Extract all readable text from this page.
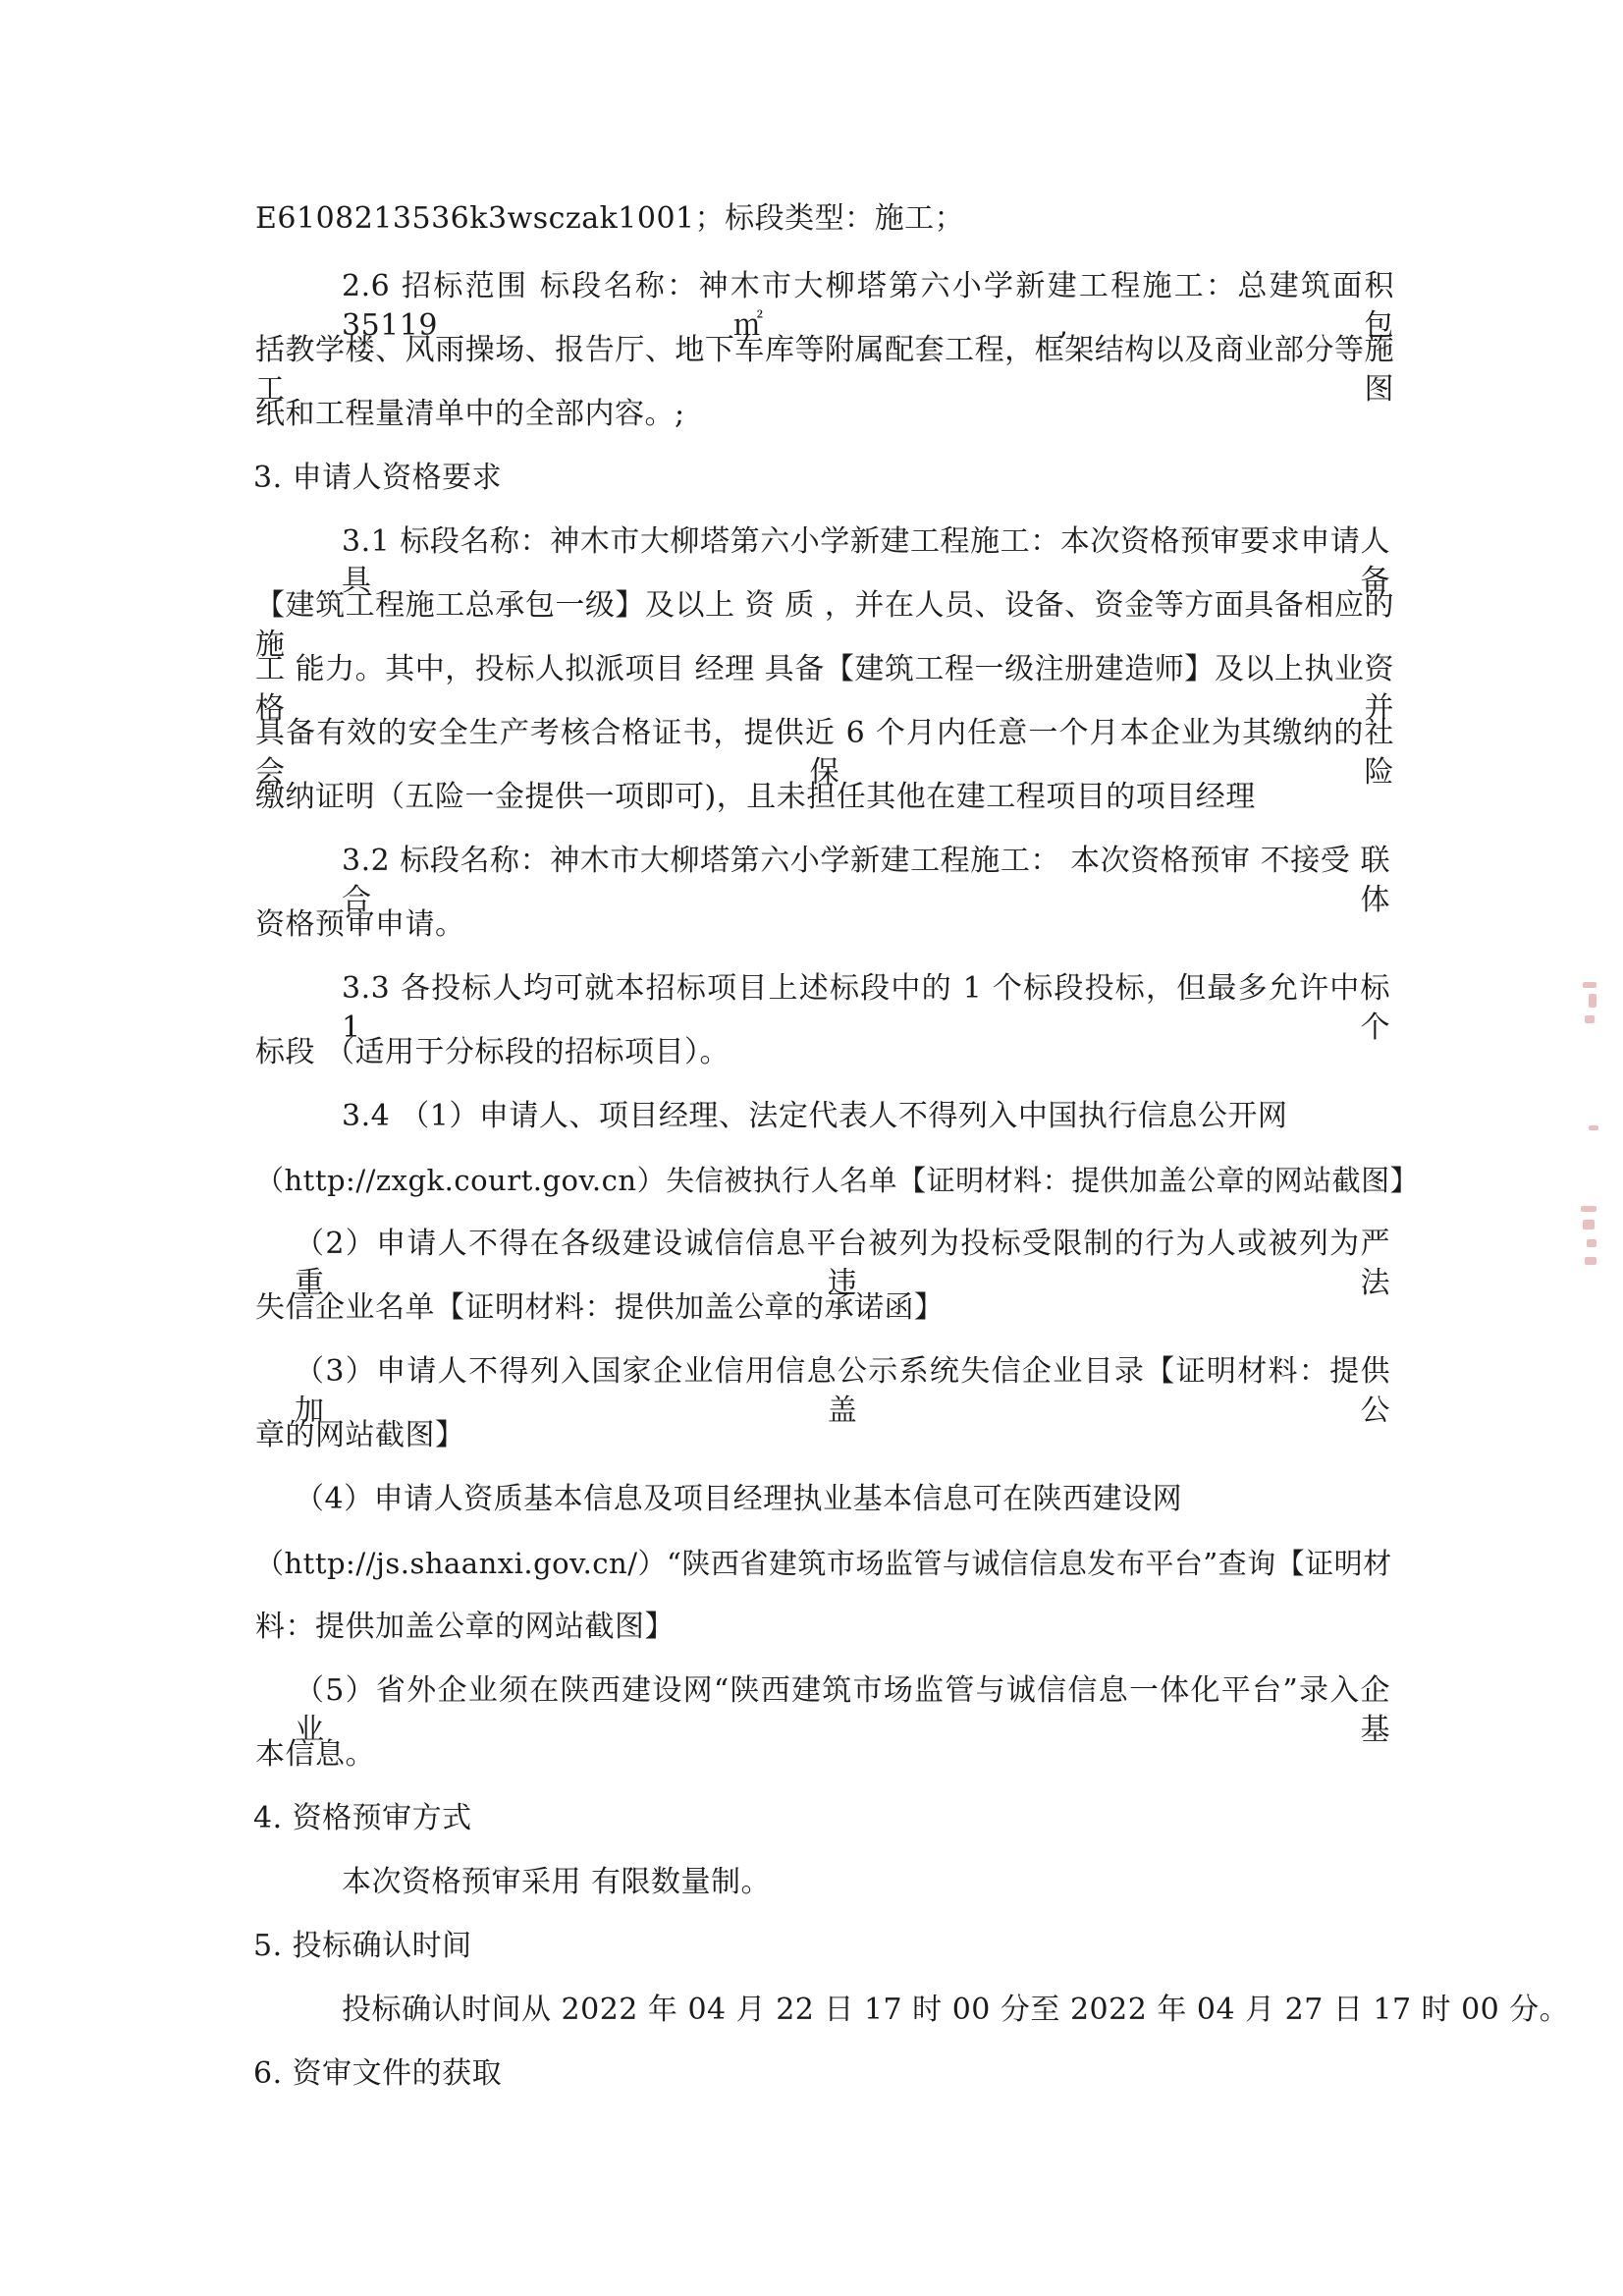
E6108213536k3wsczak1001；标段类型：施工；
2.6 招标范围 标段名称：神木市大柳塔第六小学新建工程施工：总建筑面积 35119㎡,包
括教学楼、风雨操场、报告厅、地下车库等附属配套工程，框架结构以及商业部分等施工图
纸和工程量清单中的全部内容。;
3. 申请人资格要求
3.1 标段名称：神木市大柳塔第六小学新建工程施工：本次资格预审要求申请人具备
【建筑工程施工总承包一级】及以上 资 质 ，并在人员、设备、资金等方面具备相应的 施
工 能力。其中，投标人拟派项目 经理 具备【建筑工程一级注册建造师】及以上执业资格并
具备有效的安全生产考核合格证书，提供近 6 个月内任意一个月本企业为其缴纳的社会保险
缴纳证明（五险一金提供一项即可)，且未担任其他在建工程项目的项目经理
3.2 标段名称：神木市大柳塔第六小学新建工程施工： 本次资格预审 不接受 联合体
资格预审申请。
3.3 各投标人均可就本招标项目上述标段中的 1 个标段投标，但最多允许中标 1 个
标段 （适用于分标段的招标项目）。
3.4 （1）申请人、项目经理、法定代表人不得列入中国执行信息公开网
（http://zxgk.court.gov.cn）失信被执行人名单【证明材料：提供加盖公章的网站截图】
（2）申请人不得在各级建设诚信信息平台被列为投标受限制的行为人或被列为严重违法
失信企业名单【证明材料：提供加盖公章的承诺函】
（3）申请人不得列入国家企业信用信息公示系统失信企业目录【证明材料：提供加盖公
章的网站截图】
（4）申请人资质基本信息及项目经理执业基本信息可在陕西建设网
（http://js.shaanxi.gov.cn/）“陕西省建筑市场监管与诚信信息发布平台”查询【证明材
料：提供加盖公章的网站截图】
（5）省外企业须在陕西建设网“陕西建筑市场监管与诚信信息一体化平台”录入企业基
本信息。
4. 资格预审方式
本次资格预审采用 有限数量制。
5. 投标确认时间
投标确认时间从 2022 年 04 月 22 日 17 时 00 分至 2022 年 04 月 27 日 17 时 00 分。
6. 资审文件的获取
